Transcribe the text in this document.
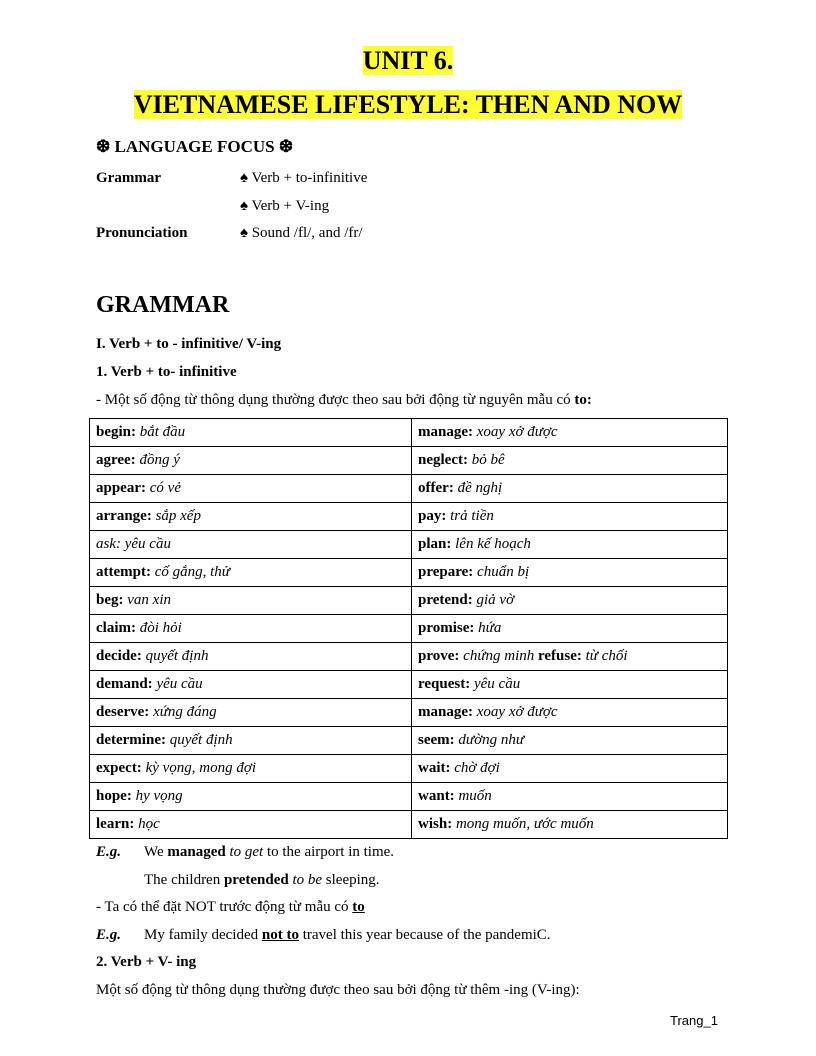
UNIT 6.
VIETNAMESE LIFESTYLE: THEN AND NOW
❆ LANGUAGE FOCUS ❆
Grammar	♠ Verb + to-infinitive
♠ Verb + V-ing
Pronunciation	♠ Sound /fl/, and /fr/
GRAMMAR
I. Verb + to - infinitive/ V-ing
1. Verb + to- infinitive
- Một số động từ thông dụng thường được theo sau bởi động từ nguyên mẫu có to:
begin: bắt đầu	manage: xoay xở được
agree: đồng ý	neglect: bỏ bê
appear: có vẻ	offer: đề nghị
arrange: sắp xếp	pay: trả tiền
ask: yêu cầu	plan: lên kế hoạch
attempt: cố gắng, thử	prepare: chuẩn bị
beg: van xin	pretend: giả vờ
claim: đòi hỏi	promise: hứa
decide: quyết định	prove: chứng minh refuse: từ chối
demand: yêu cầu	request: yêu cầu
deserve: xứng đáng	manage: xoay xở được
determine: quyết định	seem: dường như
expect: kỳ vọng, mong đợi	wait: chờ đợi
hope: hy vọng	want: muốn
learn: học	wish: mong muốn, ước muốn
E.g. We managed to get to the airport in time.
The children pretended to be sleeping.
- Ta có thể đặt NOT trước động từ mẫu có to
E.g. My family decided not to travel this year because of the pandemiC.
2. Verb + V- ing
Một số động từ thông dụng thường được theo sau bởi động từ thêm -ing (V-ing):
Trang_1
